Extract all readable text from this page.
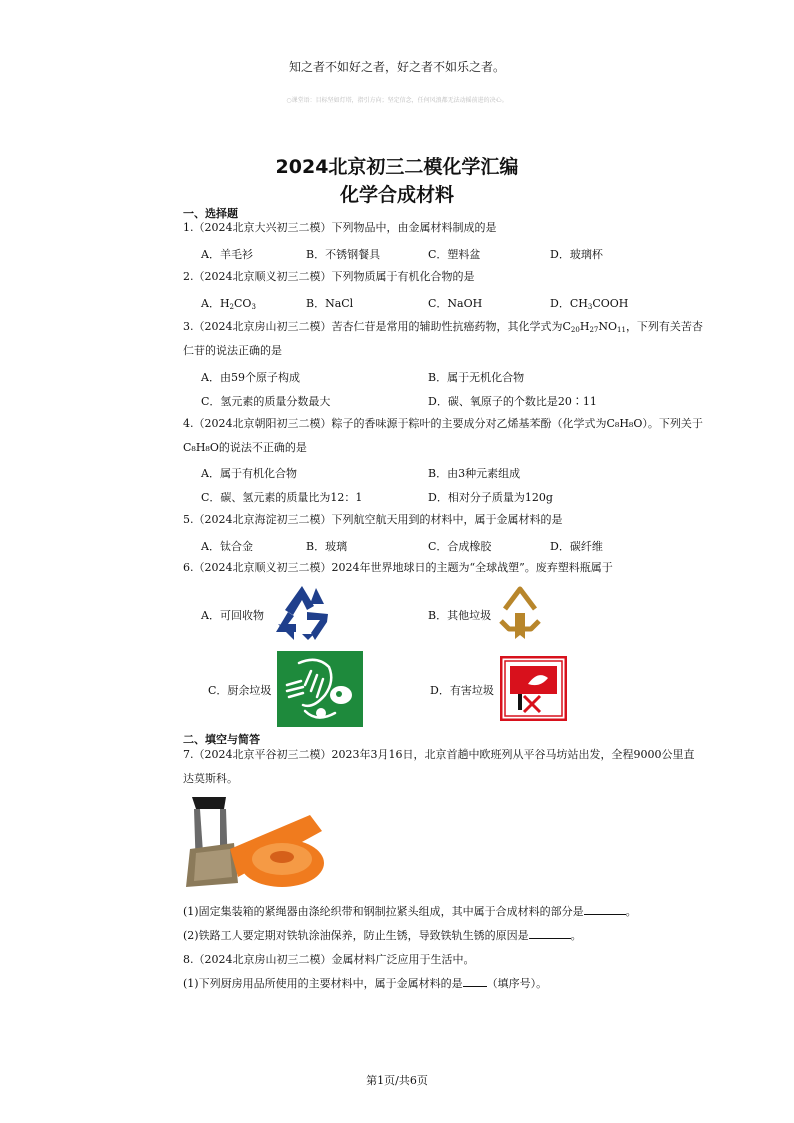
知之者不如好之者，好之者不如乐之者。
○课堂语：目标坚如灯塔，指引方向；坚定信念，任何风浪都无法动摇前进的决心。
2024北京初三二模化学汇编
化学合成材料
一、选择题
1.（2024北京大兴初三二模）下列物品中，由金属材料制成的是
A．羊毛衫	B．不锈钢餐具	C．塑料盆	D．玻璃杯
2.（2024北京顺义初三二模）下列物质属于有机化合物的是
A．$H_2CO_3$	B．NaCl	C．NaOH	D．$CH_3COOH$
3.（2024北京房山初三二模）苦杏仁苷是常用的辅助性抗癌药物，其化学式为$C_{20}H_{27}NO_{11}$，下列有关苦杏
仁苷的说法正确的是
A．由59个原子构成	B．属于无机化合物
C．氢元素的质量分数最大	D．碳、氧原子的个数比是20∶11
4.（2024北京朝阳初三二模）粽子的香味源于粽叶的主要成分对乙烯基苯酚（化学式为C₈H₈O）。下列关于
C₈H₈O的说法不正确的是
A．属于有机化合物	B．由3种元素组成
C．碳、氢元素的质量比为12：1	D．相对分子质量为120g
5.（2024北京海淀初三二模）下列航空航天用到的材料中，属于金属材料的是
A．钛合金	B．玻璃	C．合成橡胶	D．碳纤维
6.（2024北京顺义初三二模）2024年世界地球日的主题为“全球战塑”。废弃塑料瓶属于
A．可回收物	B．其他垃圾
C．厨余垃圾	D．有害垃圾
二、填空与简答
7.（2024北京平谷初三二模）2023年3月16日，北京首趟中欧班列从平谷马坊站出发，全程9000公里直
达莫斯科。
(1)固定集装箱的紧绳器由涤纶织带和钢制拉紧头组成，其中属于合成材料的部分是	。
(2)铁路工人要定期对铁轨涂油保养，防止生锈，导致铁轨生锈的原因是	。
8.（2024北京房山初三二模）金属材料广泛应用于生活中。
(1)下列厨房用品所使用的主要材料中，属于金属材料的是 （填序号）。
第1页/共6页
